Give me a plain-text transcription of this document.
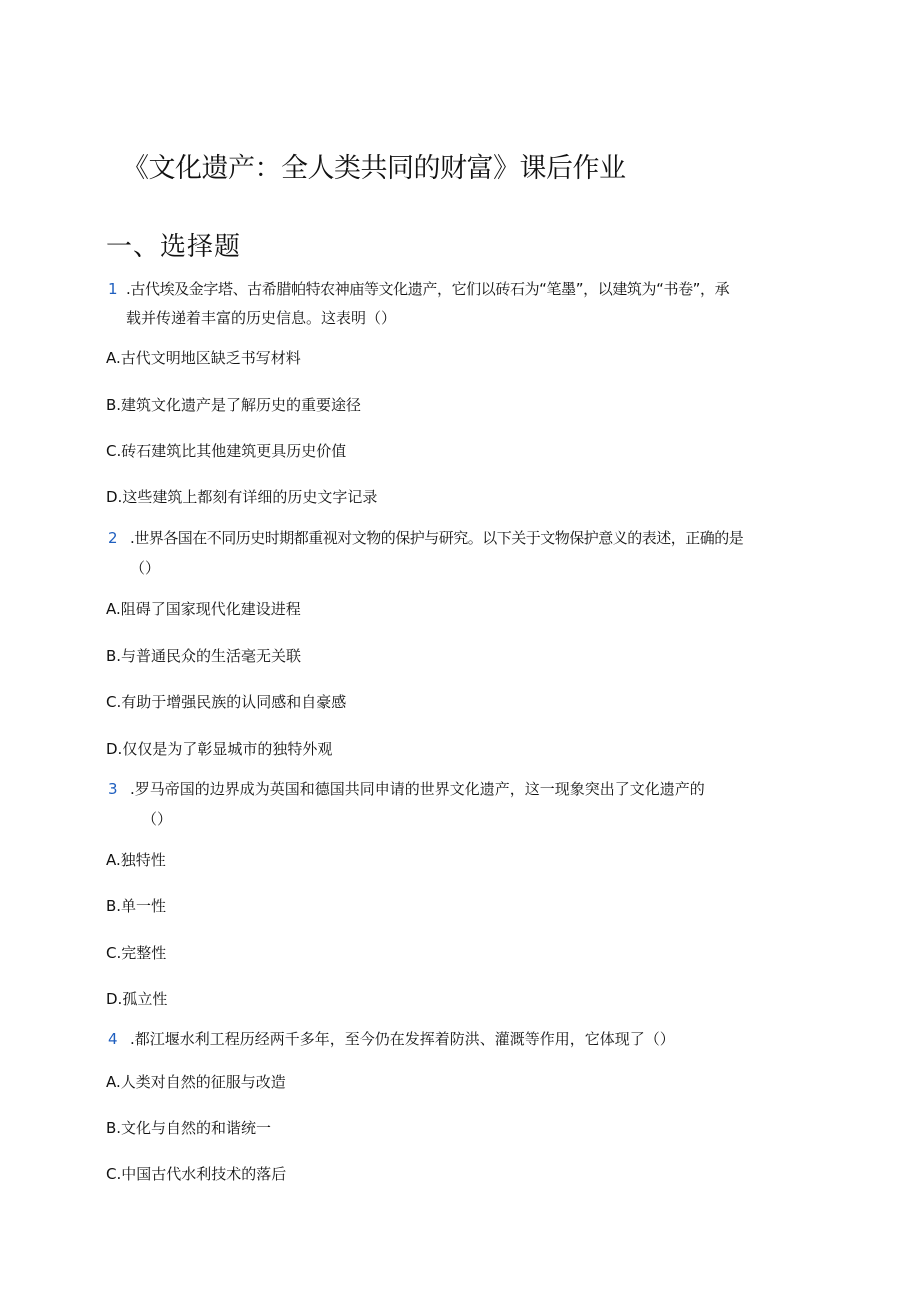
《文化遗产：全人类共同的财富》课后作业
一、选择题
1 .古代埃及金字塔、古希腊帕特农神庙等文化遗产，它们以砖石为“笔墨”，以建筑为“书卷”，承
载并传递着丰富的历史信息。这表明（）
A.古代文明地区缺乏书写材料
B.建筑文化遗产是了解历史的重要途径
C.砖石建筑比其他建筑更具历史价值
D.这些建筑上都刻有详细的历史文字记录
2 .世界各国在不同历史时期都重视对文物的保护与研究。以下关于文物保护意义的表述，正确的是
（）
A.阻碍了国家现代化建设进程
B.与普通民众的生活毫无关联
C.有助于增强民族的认同感和自豪感
D.仅仅是为了彰显城市的独特外观
3 .罗马帝国的边界成为英国和德国共同申请的世界文化遗产，这一现象突出了文化遗产的
（）
A.独特性
B.单一性
C.完整性
D.孤立性
4 .都江堰水利工程历经两千多年，至今仍在发挥着防洪、灌溉等作用，它体现了（）
A.人类对自然的征服与改造
B.文化与自然的和谐统一
C.中国古代水利技术的落后
